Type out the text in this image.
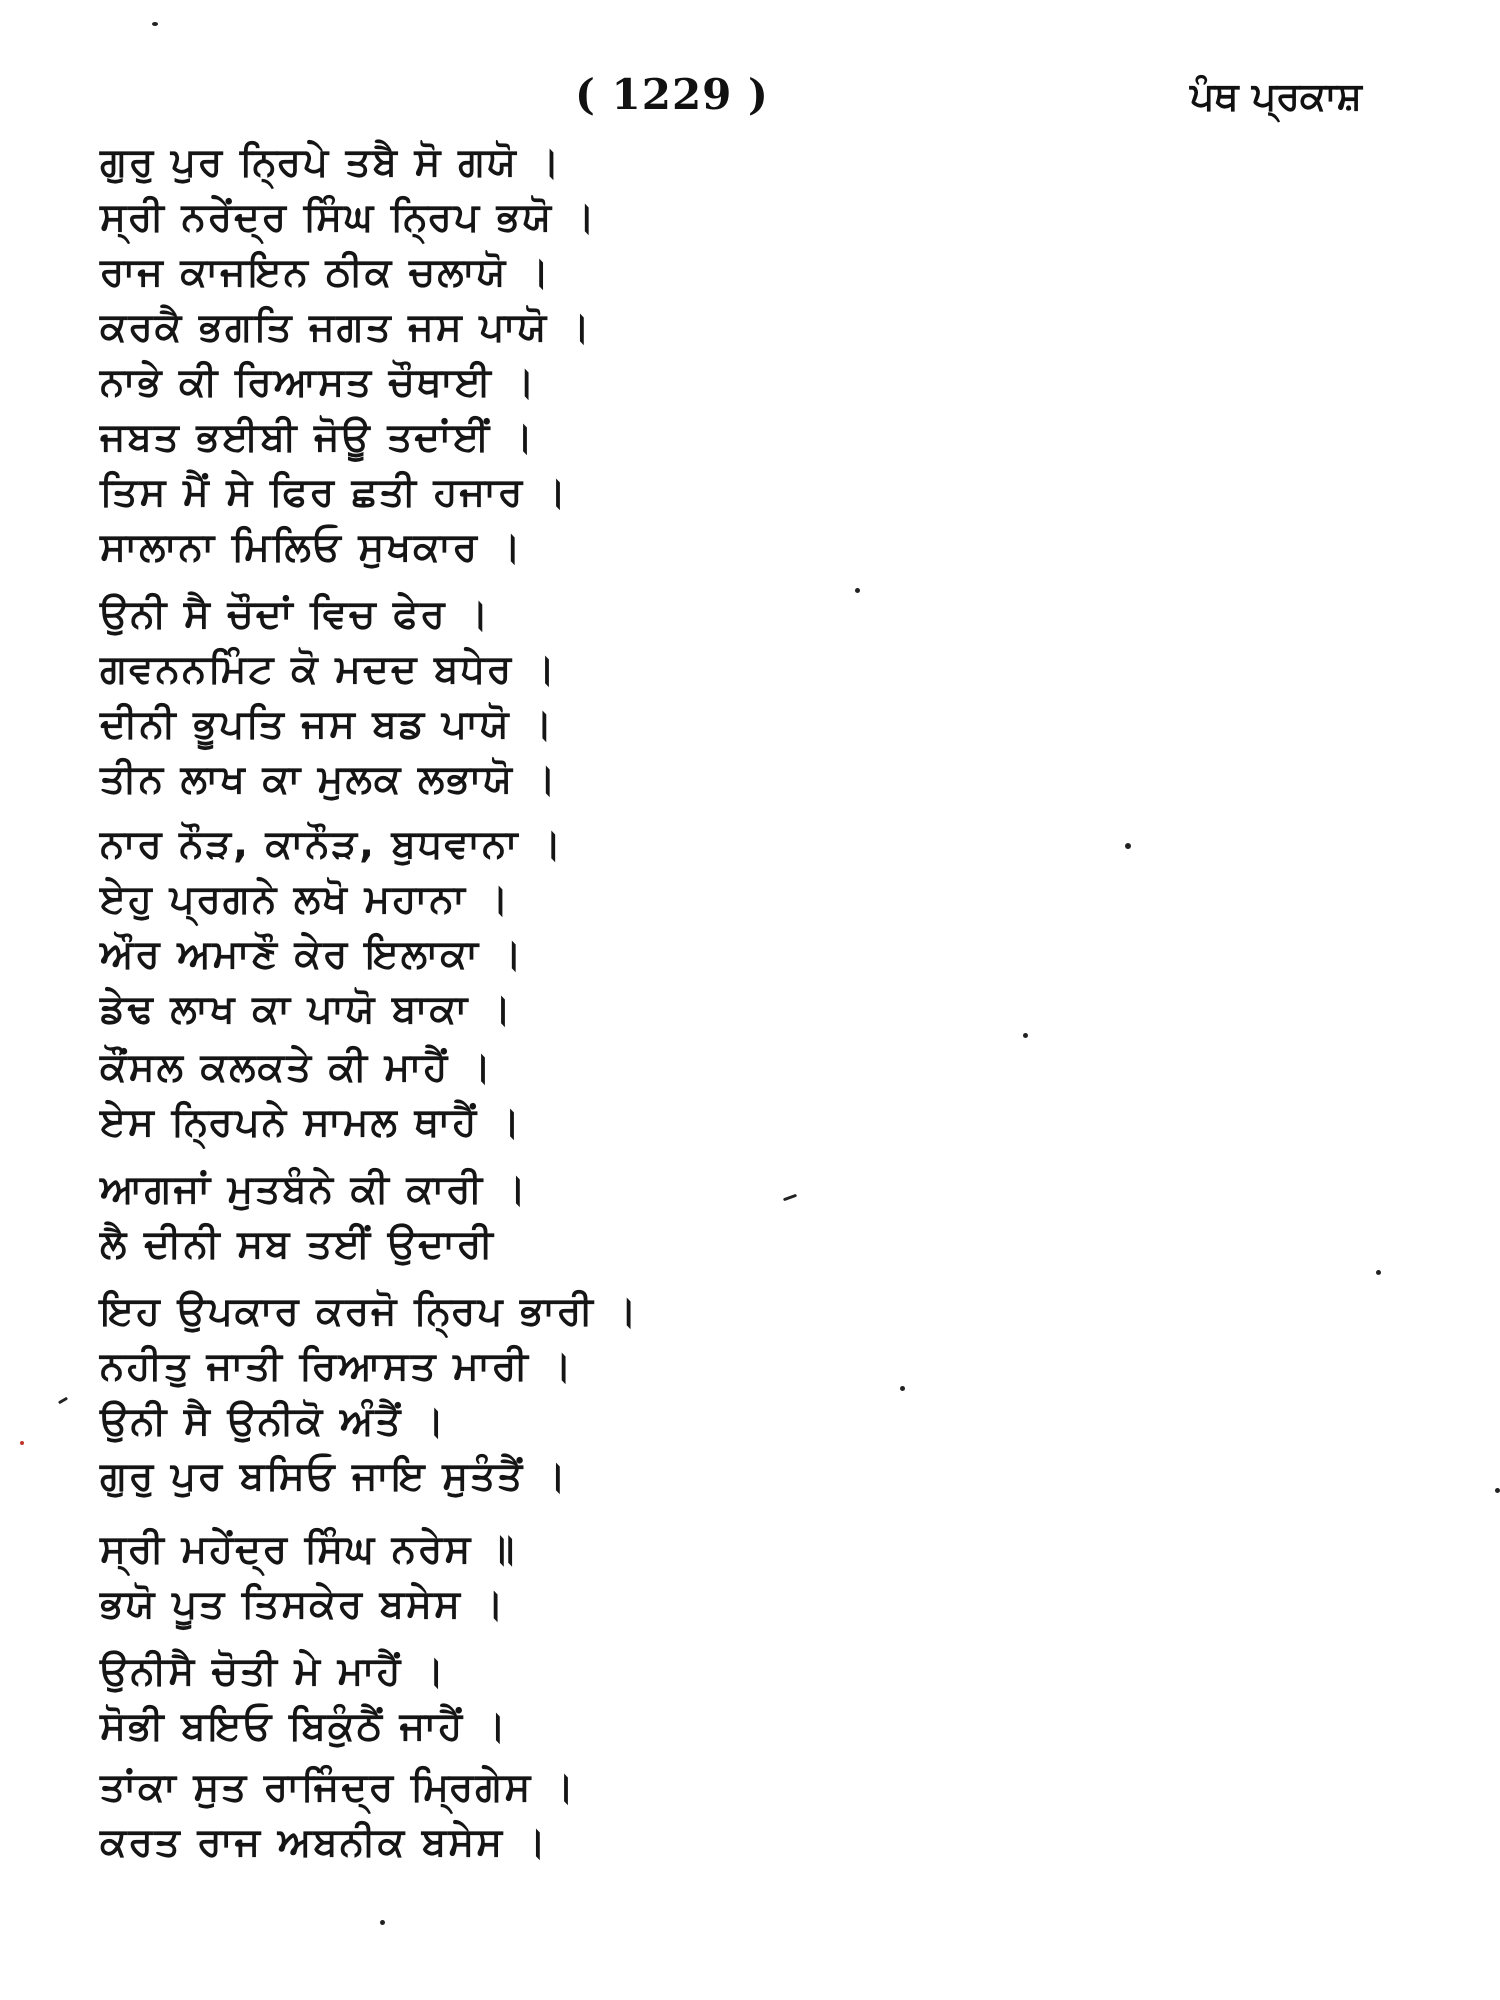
( 1229 )	ਪੰਥ ਪ੍ਰਕਾਸ਼
ਗੁਰੁ ਪੁਰ ਨ੍ਰਿਪੇ ਤਬੈ ਸੋ ਗਯੋ ।
ਸ੍ਰੀ ਨਰੇਂਦ੍ਰ ਸਿੰਘ ਨ੍ਰਿਪ ਭਯੋ ।
ਰਾਜ ਕਾਜਇਨ ਠੀਕ ਚਲਾਯੋ ।
ਕਰਕੈ ਭਗਤਿ ਜਗਤ ਜਸ ਪਾਯੋ ।
ਨਾਭੇ ਕੀ ਰਿਆਸਤ ਚੌਥਾਈ ।
ਜਬਤ ਭਈਬੀ ਜੋਊ ਤਦਾਂਈਂ ।
ਤਿਸ ਮੈਂ ਸੇ ਫਿਰ ਛਤੀ ਹਜਾਰ ।
ਸਾਲਾਨਾ ਮਿਲਿਓ ਸੁਖਕਾਰ ।
ਉਨੀ ਸੈ ਚੌਦਾਂ ਵਿਚ ਫੇਰ ।
ਗਵਨਨਮਿੰਟ ਕੋ ਮਦਦ ਬਧੇਰ ।
ਦੀਨੀ ਭੂਪਤਿ ਜਸ ਬਡ ਪਾਯੋ ।
ਤੀਨ ਲਾਖ ਕਾ ਮੁਲਕ ਲਭਾਯੋ ।
ਨਾਰ ਨੌੜ, ਕਾਨੌੜ, ਬੁਧਵਾਨਾ ।
ਏਹੁ ਪ੍ਰਗਨੇ ਲਖੋ ਮਹਾਨਾ ।
ਔਰ ਅਮਾਣੌ ਕੇਰ ਇਲਾਕਾ ।
ਡੇਢ ਲਾਖ ਕਾ ਪਾਯੋ ਬਾਕਾ ।
ਕੌਂਸਲ ਕਲਕਤੇ ਕੀ ਮਾਹੈਂ ।
ਏਸ ਨ੍ਰਿਪਨੇ ਸਾਮਲ ਥਾਹੈਂ ।
ਆਗਜਾਂ ਮੁਤਬੰਨੇ ਕੀ ਕਾਰੀ ।
ਲੈ ਦੀਨੀ ਸਬ ਤਈਂ ਉਦਾਰੀ
ਇਹ ਉਪਕਾਰ ਕਰਜੋ ਨ੍ਰਿਪ ਭਾਰੀ ।
ਨਹੀਤੁ ਜਾਤੀ ਰਿਆਸਤ ਮਾਰੀ ।
ਉਨੀ ਸੈ ਉਨੀਕੋ ਅੰਤੈਂ ।
ਗੁਰੁ ਪੁਰ ਬਸਿਓ ਜਾਇ ਸੁਤੰਤੈਂ ।
ਸ੍ਰੀ ਮਹੇਂਦ੍ਰ ਸਿੰਘ ਨਰੇਸ ॥
ਭਯੋ ਪੂਤ ਤਿਸਕੇਰ ਬਸੇਸ ।
ਉਨੀਸੈ ਚੋਤੀ ਮੇ ਮਾਹੈਂ ।
ਸੋਭੀ ਬਇਓ ਬਿਕੁੰਠੈਂ ਜਾਹੈਂ ।
ਤਾਂਕਾ ਸੁਤ ਰਾਜਿੰਦ੍ਰ ਮ੍ਰਿਗੇਸ ।
ਕਰਤ ਰਾਜ ਅਬਨੀਕ ਬਸੇਸ ।
